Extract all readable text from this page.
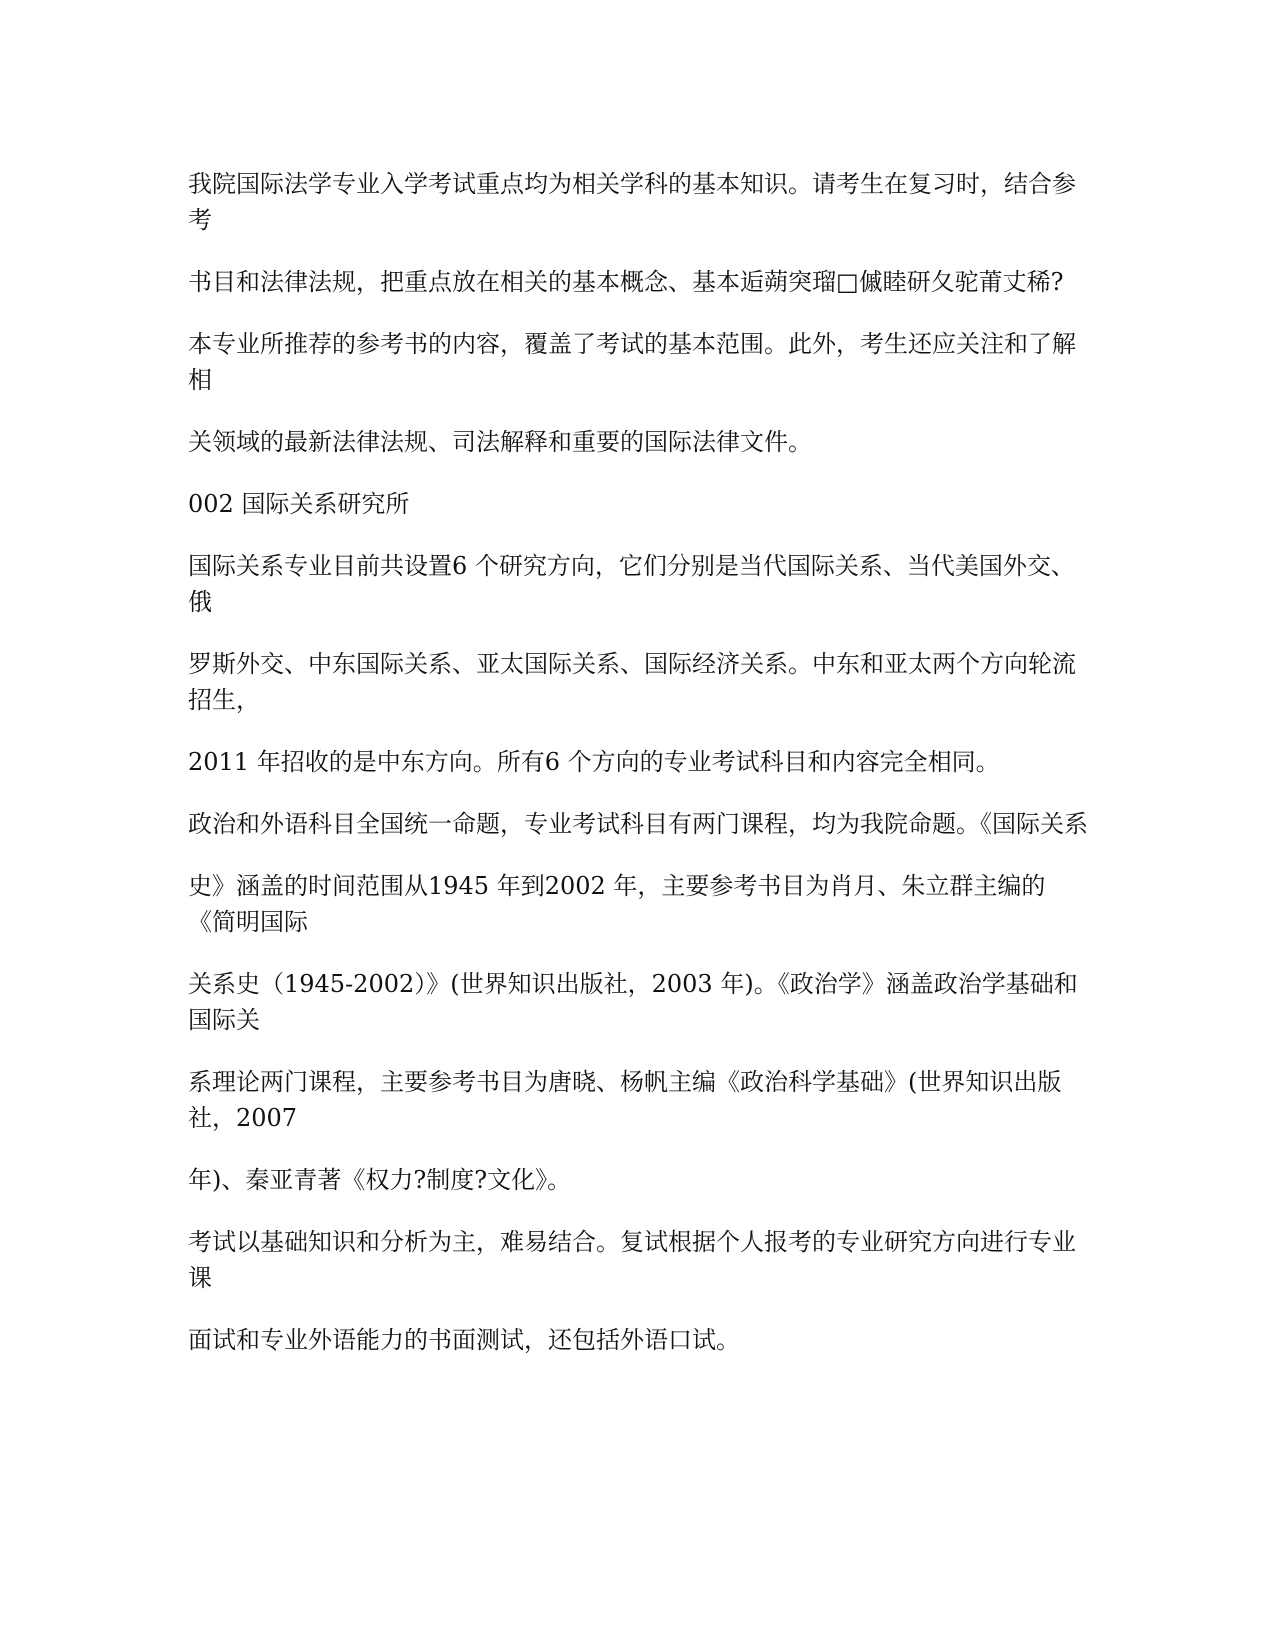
我院国际法学专业入学考试重点均为相关学科的基本知识。请考生在复习时，结合参考

书目和法律法规，把重点放在相关的基本概念、基本逅蒴突瑠□傶睦研夂驼莆丈稀?

本专业所推荐的参考书的内容，覆盖了考试的基本范围。此外，考生还应关注和了解相

关领域的最新法律法规、司法解释和重要的国际法律文件。

002 国际关系研究所

国际关系专业目前共设置6 个研究方向，它们分别是当代国际关系、当代美国外交、俄

罗斯外交、中东国际关系、亚太国际关系、国际经济关系。中东和亚太两个方向轮流招生，

2011 年招收的是中东方向。所有6 个方向的专业考试科目和内容完全相同。

政治和外语科目全国统一命题，专业考试科目有两门课程，均为我院命题。《国际关系

史》涵盖的时间范围从1945 年到2002 年，主要参考书目为肖月、朱立群主编的《简明国际

关系史（1945-2002）》(世界知识出版社，2003 年)。《政治学》涵盖政治学基础和国际关

系理论两门课程，主要参考书目为唐晓、杨帆主编《政治科学基础》(世界知识出版社，2007

年)、秦亚青著《权力?制度?文化》。

考试以基础知识和分析为主，难易结合。复试根据个人报考的专业研究方向进行专业课

面试和专业外语能力的书面测试，还包括外语口试。
